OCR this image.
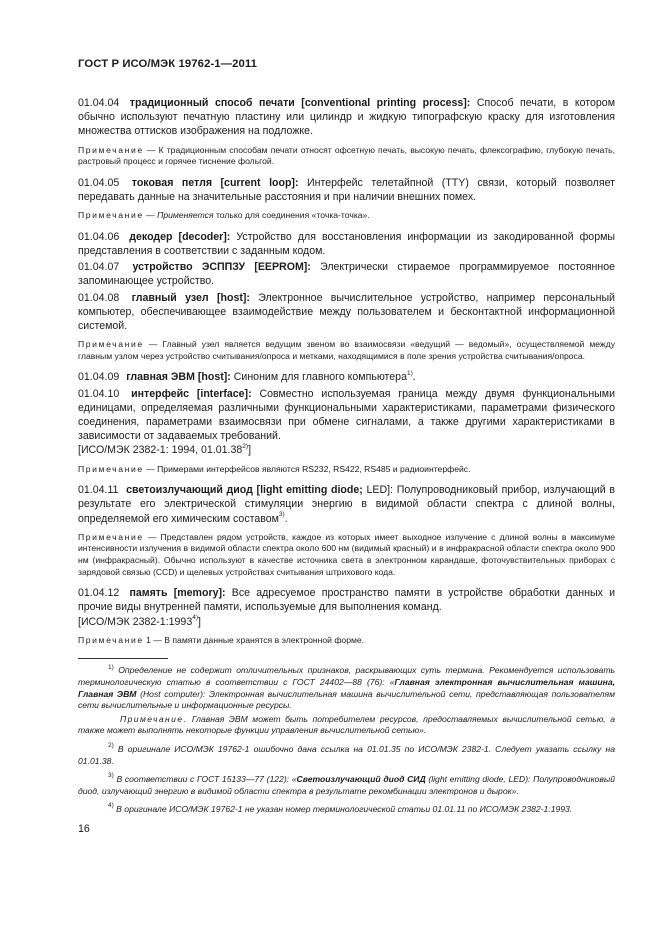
ГОСТ Р ИСО/МЭК 19762-1—2011
01.04.04 традиционный способ печати [conventional printing process]: Способ печати, в котором обычно используют печатную пластину или цилиндр и жидкую типографскую краску для изготовления множества оттисков изображения на подложке.
Примечание — К традиционным способам печати относят офсетную печать, высокую печать, флексографию, глубокую печать, растровый процесс и горячее тиснение фольгой.
01.04.05 токовая петля [current loop]: Интерфейс телетайпной (TTY) связи, который позволяет передавать данные на значительные расстояния и при наличии внешних помех.
Примечание — Применяется только для соединения «точка-точка».
01.04.06 декодер [decoder]: Устройство для восстановления информации из закодированной формы представления в соответствии с заданным кодом.
01.04.07 устройство ЭСППЗУ [EEPROM]: Электрически стираемое программируемое постоянное запоминающее устройство.
01.04.08 главный узел [host]: Электронное вычислительное устройство, например персональный компьютер, обеспечивающее взаимодействие между пользователем и бесконтактной информационной системой.
Примечание — Главный узел является ведущим звеном во взаимосвязи «ведущий — ведомый», осуществляемой между главным узлом через устройство считывания/опроса и метками, находящимися в поле зрения устройства считывания/опроса.
01.04.09 главная ЭВМ [host]: Синоним для главного компьютера$^{1)}$.
01.04.10 интерфейс [interface]: Совместно используемая граница между двумя функциональными единицами, определяемая различными функциональными характеристиками, параметрами физического соединения, параметрами взаимосвязи при обмене сигналами, а также другими характеристиками в зависимости от задаваемых требований.
[ИСО/МЭК 2382-1: 1994, 01.01.38$^{2)}$]
Примечание — Примерами интерфейсов являются RS232, RS422, RS485 и радиоинтерфейс.
01.04.11 светоизлучающий диод [light emitting diode; LED]: Полупроводниковый прибор, излучающий в результате его электрической стимуляции энергию в видимой области спектра с длиной волны, определяемой его химическим составом$^{3)}$.
Примечание — Представлен рядом устройств, каждое из которых имеет выходное излучение с длиной волны в максимуме интенсивности излучения в видимой области спектра около 600 нм (видимый красный) и в инфракрасной области спектра около 900 нм (инфракрасный). Обычно используют в качестве источника света в электронном карандаше, фоточувствительных приборах с зарядовой связью (CCD) и щелевых устройствах считывания штрихового кода.
01.04.12 память [memory]: Все адресуемое пространство памяти в устройстве обработки данных и прочие виды внутренней памяти, используемые для выполнения команд.
[ИСО/МЭК 2382-1:1993$^{4)}$]
Примечание 1 — В памяти данные хранятся в электронной форме.
$^{1)}$ Определение не содержит отличительных признаков, раскрывающих суть термина. Рекомендуется использовать терминологическую статью в соответствии с ГОСТ 24402—88 (76): «Главная электронная вычислительная машина, Главная ЭВМ (Host computer): Электронная вычислительная машина вычислительной сети, представляющая пользователям сети вычислительные и информационные ресурсы.
Примечание. Главная ЭВМ может быть потребителем ресурсов, предоставляемых вычислительной сетью, а также может выполнять некоторые функции управления вычислительной сетью».
$^{2)}$ В оригинале ИСО/МЭК 19762-1 ошибочно дана ссылка на 01.01.35 по ИСО/МЭК 2382-1. Следует указать ссылку на 01.01.38.
$^{3)}$ В соответствии с ГОСТ 15133—77 (122): «Светоизлучающий диод СИД (light emitting diode, LED): Полупроводниковый диод, излучающий энергию в видимой области спектра в результате рекомбинации электронов и дырок».
$^{4)}$ В оригинале ИСО/МЭК 19762-1 не указан номер терминологической статьи 01.01.11 по ИСО/МЭК 2382-1:1993.
16
